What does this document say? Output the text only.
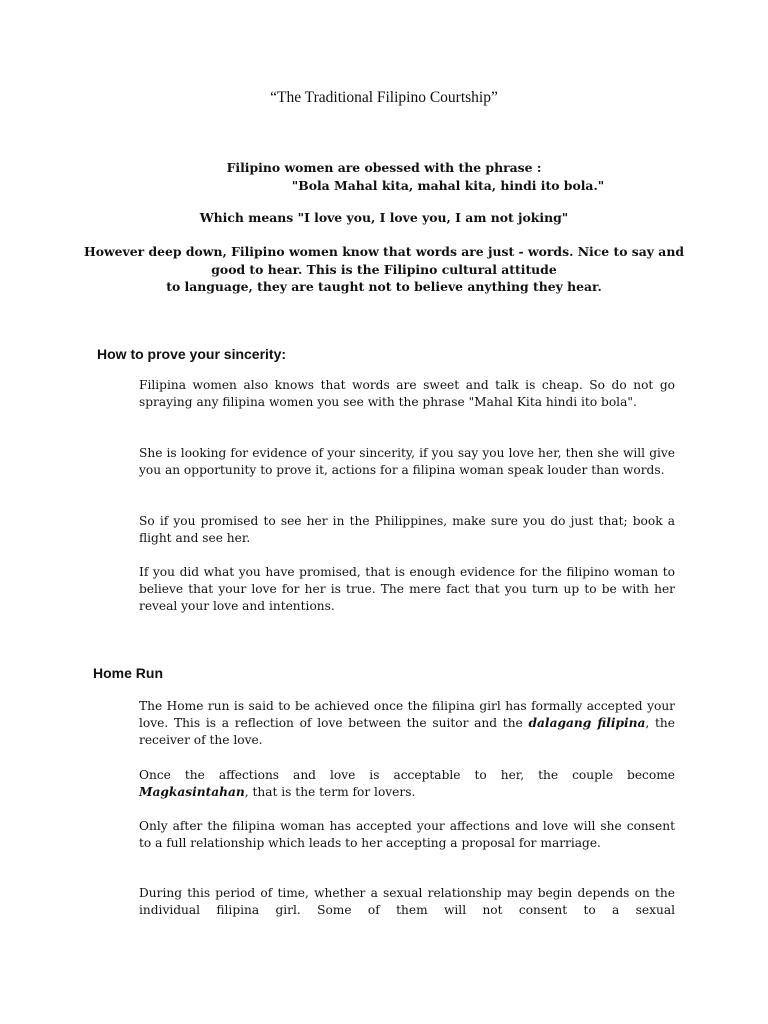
“The Traditional Filipino Courtship”
Filipino women are obessed with the phrase :
"Bola Mahal kita, mahal kita, hindi ito bola."
Which means "I love you, I love you, I am not joking"
However deep down, Filipino women know that words are just - words. Nice to say and
good to hear. This is the Filipino cultural attitude
to language, they are taught not to believe anything they hear.
How to prove your sincerity:
Filipina women also knows that words are sweet and talk is cheap. So do not go spraying any filipina women you see with the phrase "Mahal Kita hindi ito bola".
She is looking for evidence of your sincerity, if you say you love her, then she will give you an opportunity to prove it, actions for a filipina woman speak louder than words.
So if you promised to see her in the Philippines, make sure you do just that; book a flight and see her.
If you did what you have promised, that is enough evidence for the filipino woman to believe that your love for her is true. The mere fact that you turn up to be with her reveal your love and intentions.
Home Run
The Home run is said to be achieved once the filipina girl has formally accepted your love. This is a reflection of love between the suitor and the dalagang filipina, the receiver of the love.
Once the affections and love is acceptable to her, the couple become Magkasintahan, that is the term for lovers.
Only after the filipina woman has accepted your affections and love will she consent to a full relationship which leads to her accepting a proposal for marriage.
During this period of time, whether a sexual relationship may begin depends on the individual filipina girl. Some of them will not consent to a sexual
